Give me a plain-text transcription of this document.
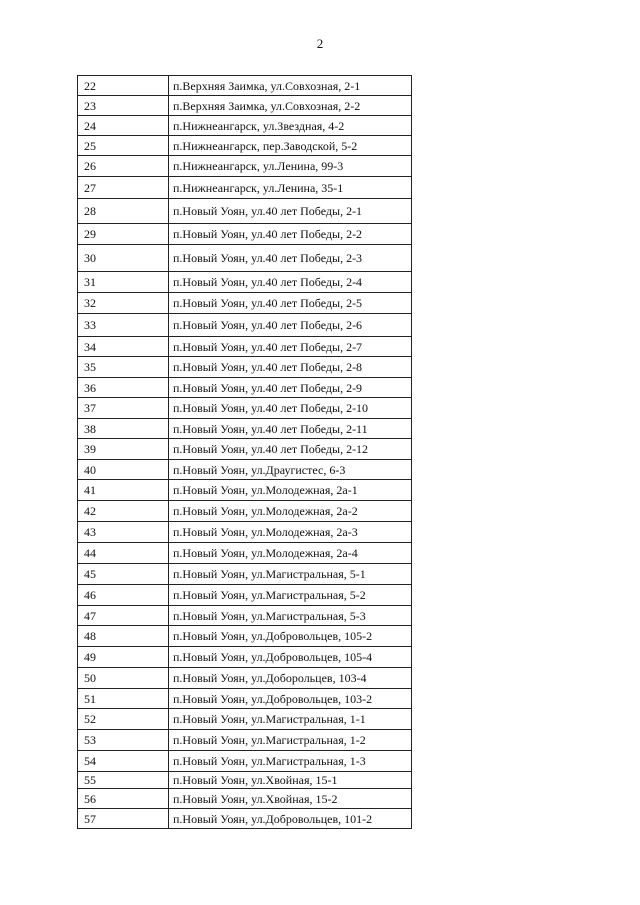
2
22	п.Верхняя Заимка, ул.Совхозная, 2-1
23	п.Верхняя Заимка, ул.Совхозная, 2-2
24	п.Нижнеангарск, ул.Звездная, 4-2
25	п.Нижнеангарск, пер.Заводской, 5-2
26	п.Нижнеангарск, ул.Ленина, 99-3
27	п.Нижнеангарск, ул.Ленина, 35-1
28	п.Новый Уоян, ул.40 лет Победы, 2-1
29	п.Новый Уоян, ул.40 лет Победы, 2-2
30	п.Новый Уоян, ул.40 лет Победы, 2-3
31	п.Новый Уоян, ул.40 лет Победы, 2-4
32	п.Новый Уоян, ул.40 лет Победы, 2-5
33	п.Новый Уоян, ул.40 лет Победы, 2-6
34	п.Новый Уоян, ул.40 лет Победы, 2-7
35	п.Новый Уоян, ул.40 лет Победы, 2-8
36	п.Новый Уоян, ул.40 лет Победы, 2-9
37	п.Новый Уоян, ул.40 лет Победы, 2-10
38	п.Новый Уоян, ул.40 лет Победы, 2-11
39	п.Новый Уоян, ул.40 лет Победы, 2-12
40	п.Новый Уоян, ул.Драугистес, 6-3
41	п.Новый Уоян, ул.Молодежная, 2а-1
42	п.Новый Уоян, ул.Молодежная, 2а-2
43	п.Новый Уоян, ул.Молодежная, 2а-3
44	п.Новый Уоян, ул.Молодежная, 2а-4
45	п.Новый Уоян, ул.Магистральная, 5-1
46	п.Новый Уоян, ул.Магистральная, 5-2
47	п.Новый Уоян, ул.Магистральная, 5-3
48	п.Новый Уоян, ул.Добровольцев, 105-2
49	п.Новый Уоян, ул.Добровольцев, 105-4
50	п.Новый Уоян, ул.Доборольцев, 103-4
51	п.Новый Уоян, ул.Добровольцев, 103-2
52	п.Новый Уоян, ул.Магистральная, 1-1
53	п.Новый Уоян, ул.Магистральная, 1-2
54	п.Новый Уоян, ул.Магистральная, 1-3
55	п.Новый Уоян, ул.Хвойная, 15-1
56	п.Новый Уоян, ул.Хвойная, 15-2
57	п.Новый Уоян, ул.Добровольцев, 101-2
